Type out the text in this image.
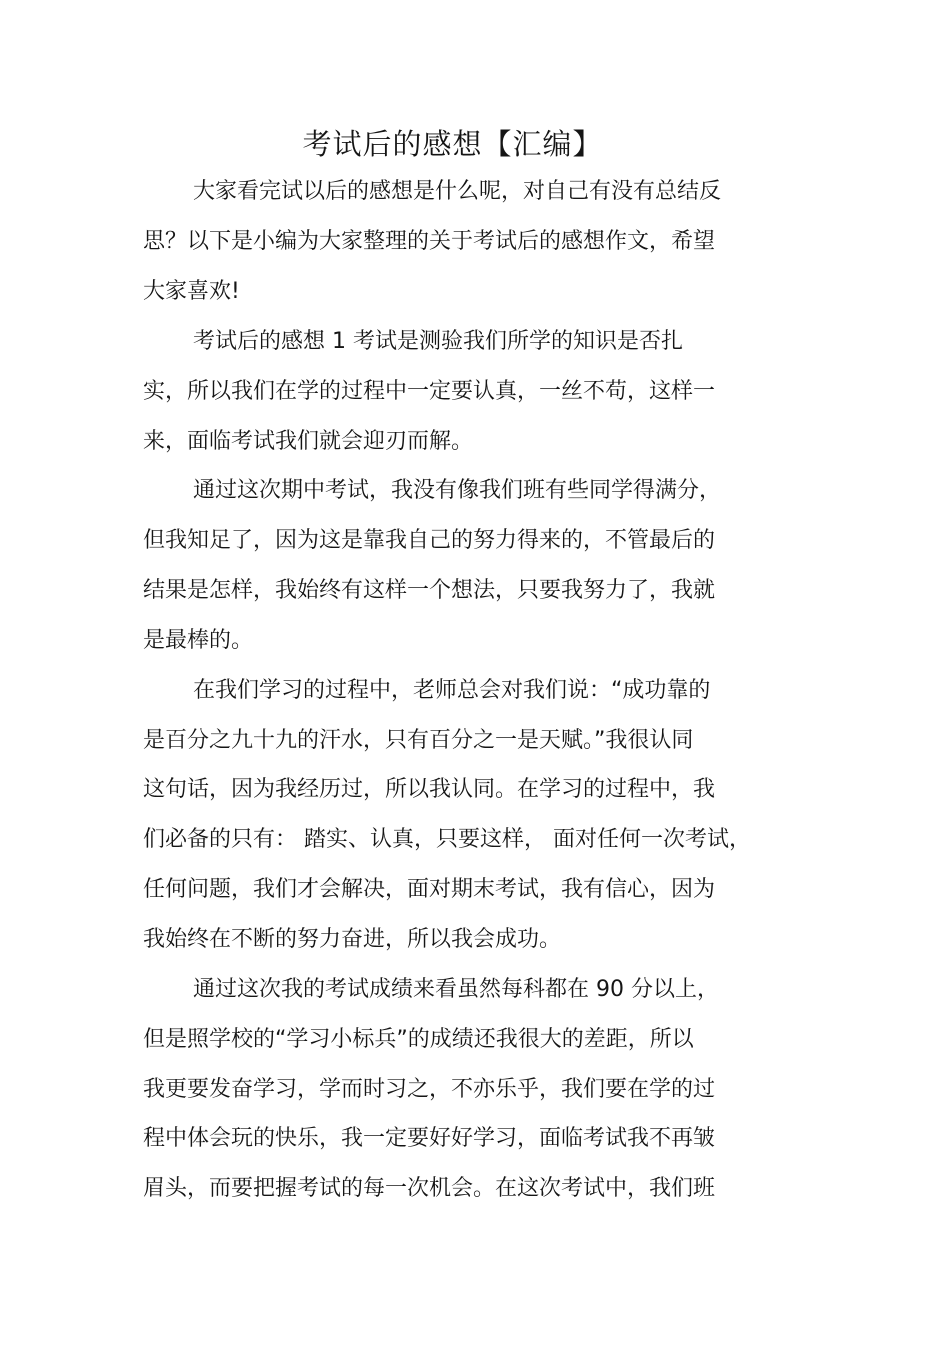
考试后的感想【汇编】
大家看完试以后的感想是什么呢，对自己有没有总结反
思？以下是小编为大家整理的关于考试后的感想作文，希望
大家喜欢!
考试后的感想 1 考试是测验我们所学的知识是否扎
实，所以我们在学的过程中一定要认真，一丝不苟，这样一
来，面临考试我们就会迎刃而解。
通过这次期中考试，我没有像我们班有些同学得满分，
但我知足了，因为这是靠我自己的努力得来的，不管最后的
结果是怎样，我始终有这样一个想法，只要我努力了，我就
是最棒的。
在我们学习的过程中，老师总会对我们说：“成功靠的
是百分之九十九的汗水，只有百分之一是天赋。”我很认同
这句话，因为我经历过，所以我认同。在学习的过程中，我
们必备的只有： 踏实、认真，只要这样， 面对任何一次考试，
任何问题，我们才会解决，面对期末考试，我有信心，因为
我始终在不断的努力奋进，所以我会成功。
通过这次我的考试成绩来看虽然每科都在 90 分以上，
但是照学校的“学习小标兵”的成绩还我很大的差距，所以
我更要发奋学习，学而时习之，不亦乐乎，我们要在学的过
程中体会玩的快乐，我一定要好好学习，面临考试我不再皱
眉头，而要把握考试的每一次机会。在这次考试中，我们班
